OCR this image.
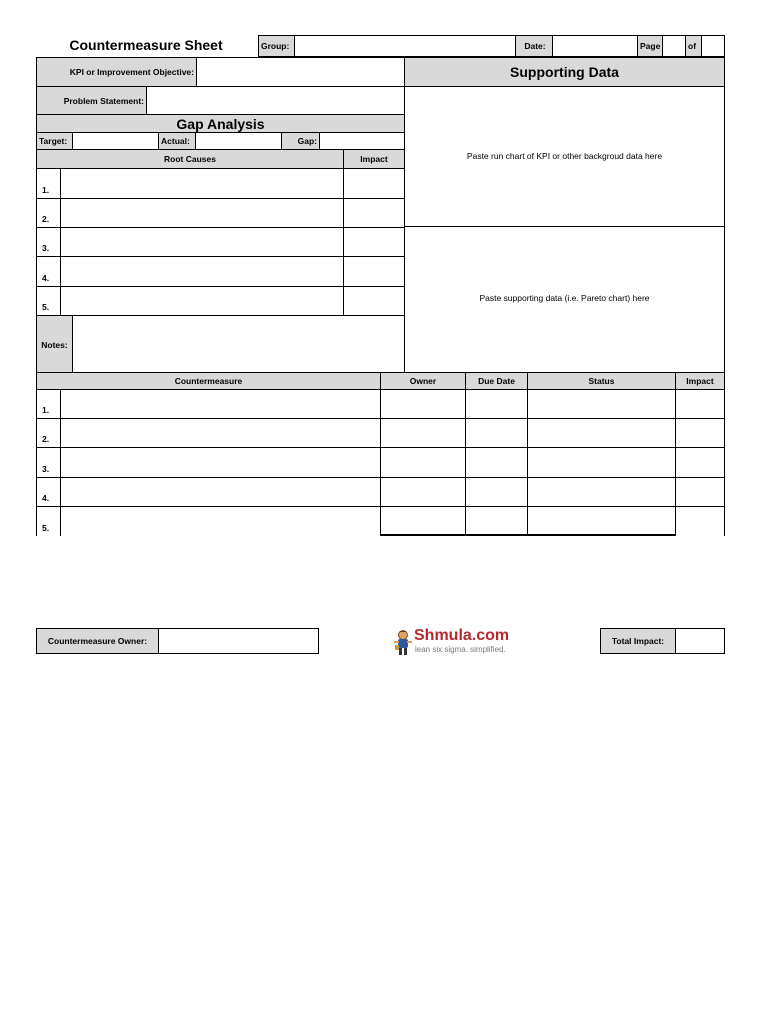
Countermeasure Sheet	Group:	Date:	Page	of
KPI or Improvement Objective:
Problem Statement:
Supporting Data
Paste run chart of KPI or other backgroud data here
Paste supporting data (i.e. Pareto chart) here
Gap Analysis
Target:	Actual:	Gap:
Root Causes	Impact
1.
2.
3.
4.
5.
Notes:
Countermeasure	Owner	Due Date	Status	Impact
1.
2.
3.
4.
5.
Countermeasure Owner:	Shmula.com
lean six sigma. simplified.
Total Impact:
